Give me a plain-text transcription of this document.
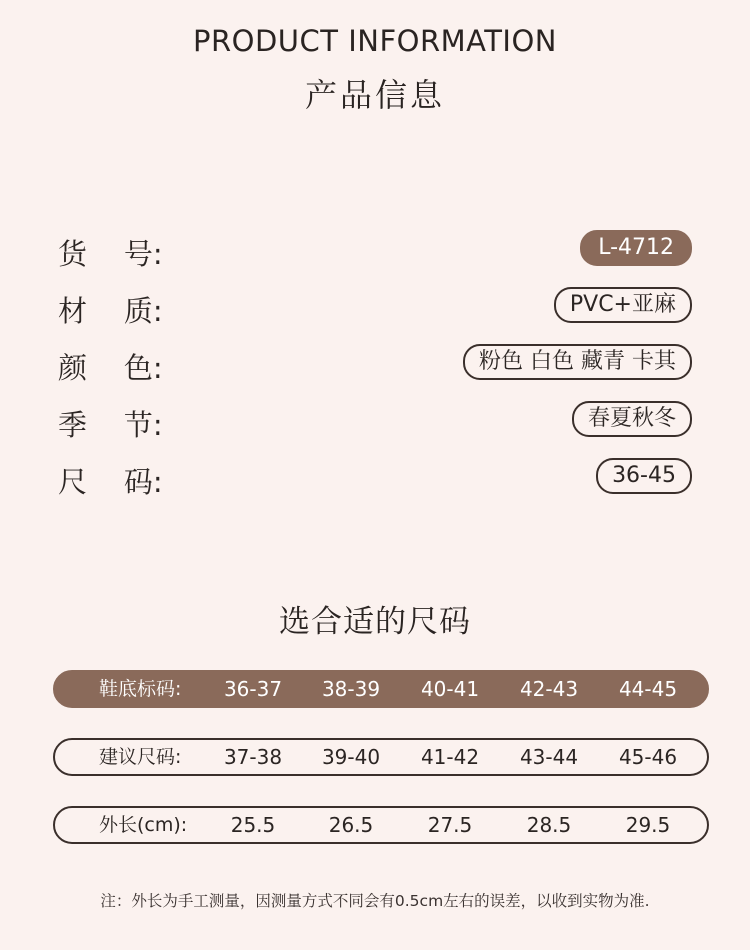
PRODUCT INFORMATION
产品信息
货    号:	L-4712
材    质:	PVC+亚麻
颜    色:	粉色 白色 藏青 卡其
季    节:	春夏秋冬
尺    码:	36-45
选合适的尺码
鞋底标码:	36-37	38-39	40-41	42-43	44-45
建议尺码:	37-38	39-40	41-42	43-44	45-46
外长(cm):	25.5	26.5	27.5	28.5	29.5
注：外长为手工测量，因测量方式不同会有0.5cm左右的误差，以收到实物为准.
